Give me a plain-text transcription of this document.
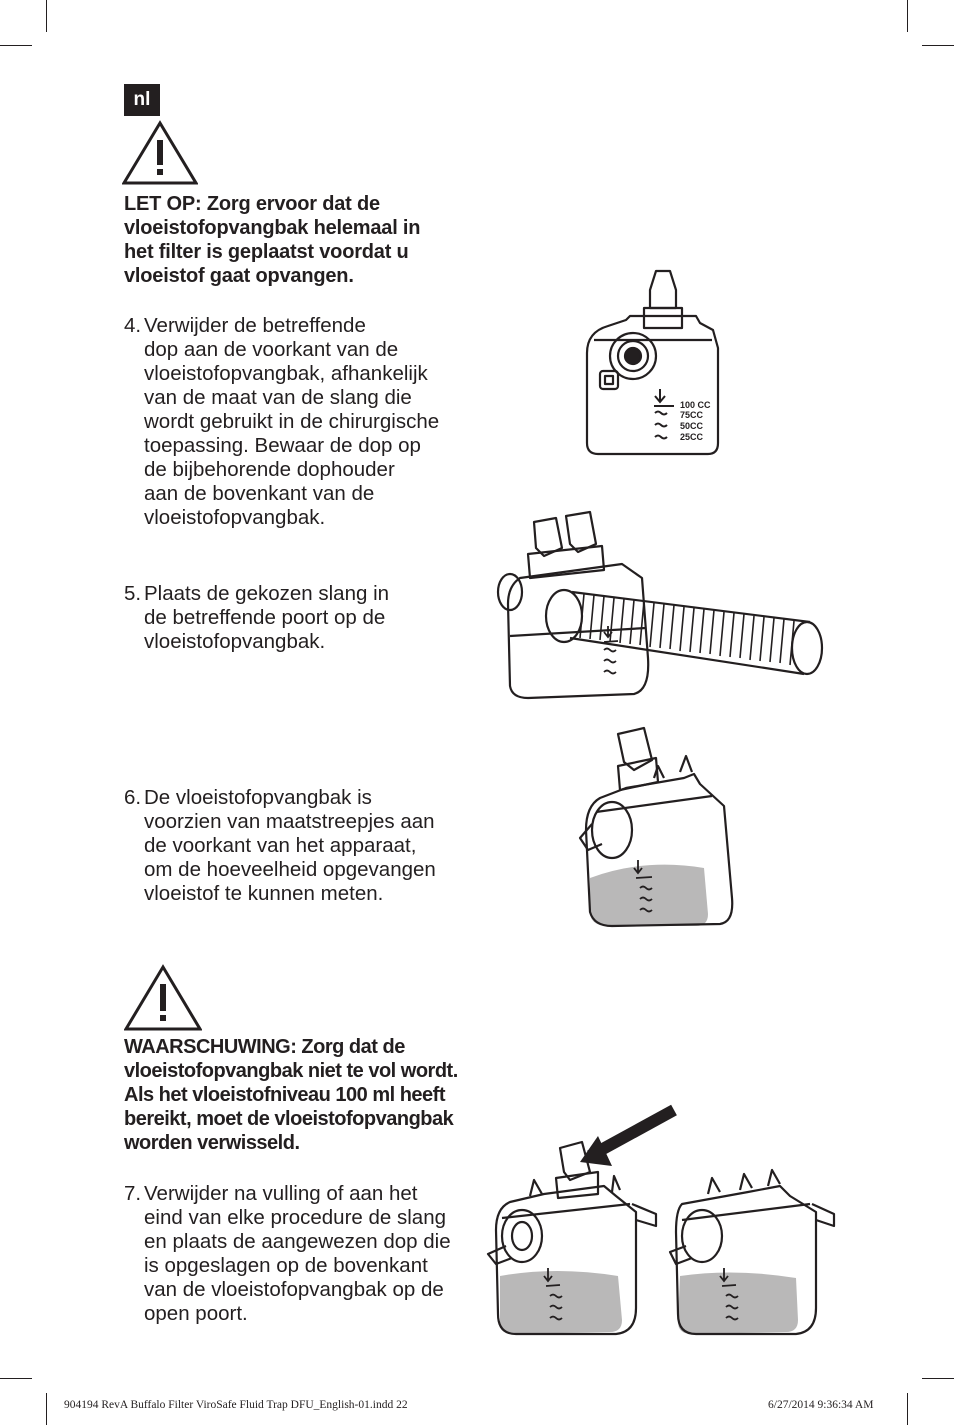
nl
LET OP: Zorg ervoor dat de vloeistofopvangbak helemaal in het filter is geplaatst voordat u vloeistof gaat opvangen.
4. Verwijder de betreffende
dop aan de voorkant van de
vloeistofopvangbak, afhankelijk
van de maat van de slang die
wordt gebruikt in de chirurgische
toepassing. Bewaar de dop op
de bijbehorende dophouder
aan de bovenkant van de
vloeistofopvangbak.
5. Plaats de gekozen slang in
de betreffende poort op de
vloeistofopvangbak.
6. De vloeistofopvangbak is
voorzien van maatstreepjes aan
de voorkant van het apparaat,
om de hoeveelheid opgevangen
vloeistof te kunnen meten.
WAARSCHUWING: Zorg dat de vloeistofopvangbak niet te vol wordt. Als het vloeistofniveau 100 ml heeft bereikt, moet de vloeistofopvangbak worden verwisseld.
7. Verwijder na vulling of aan het
eind van elke procedure de slang
en plaats de aangewezen dop die
is opgeslagen op de bovenkant
van de vloeistofopvangbak op de
open poort.
100 CC
75CC
50CC
25CC
904194 RevA Buffalo Filter ViroSafe Fluid Trap DFU_English-01.indd 22	6/27/2014 9:36:34 AM
